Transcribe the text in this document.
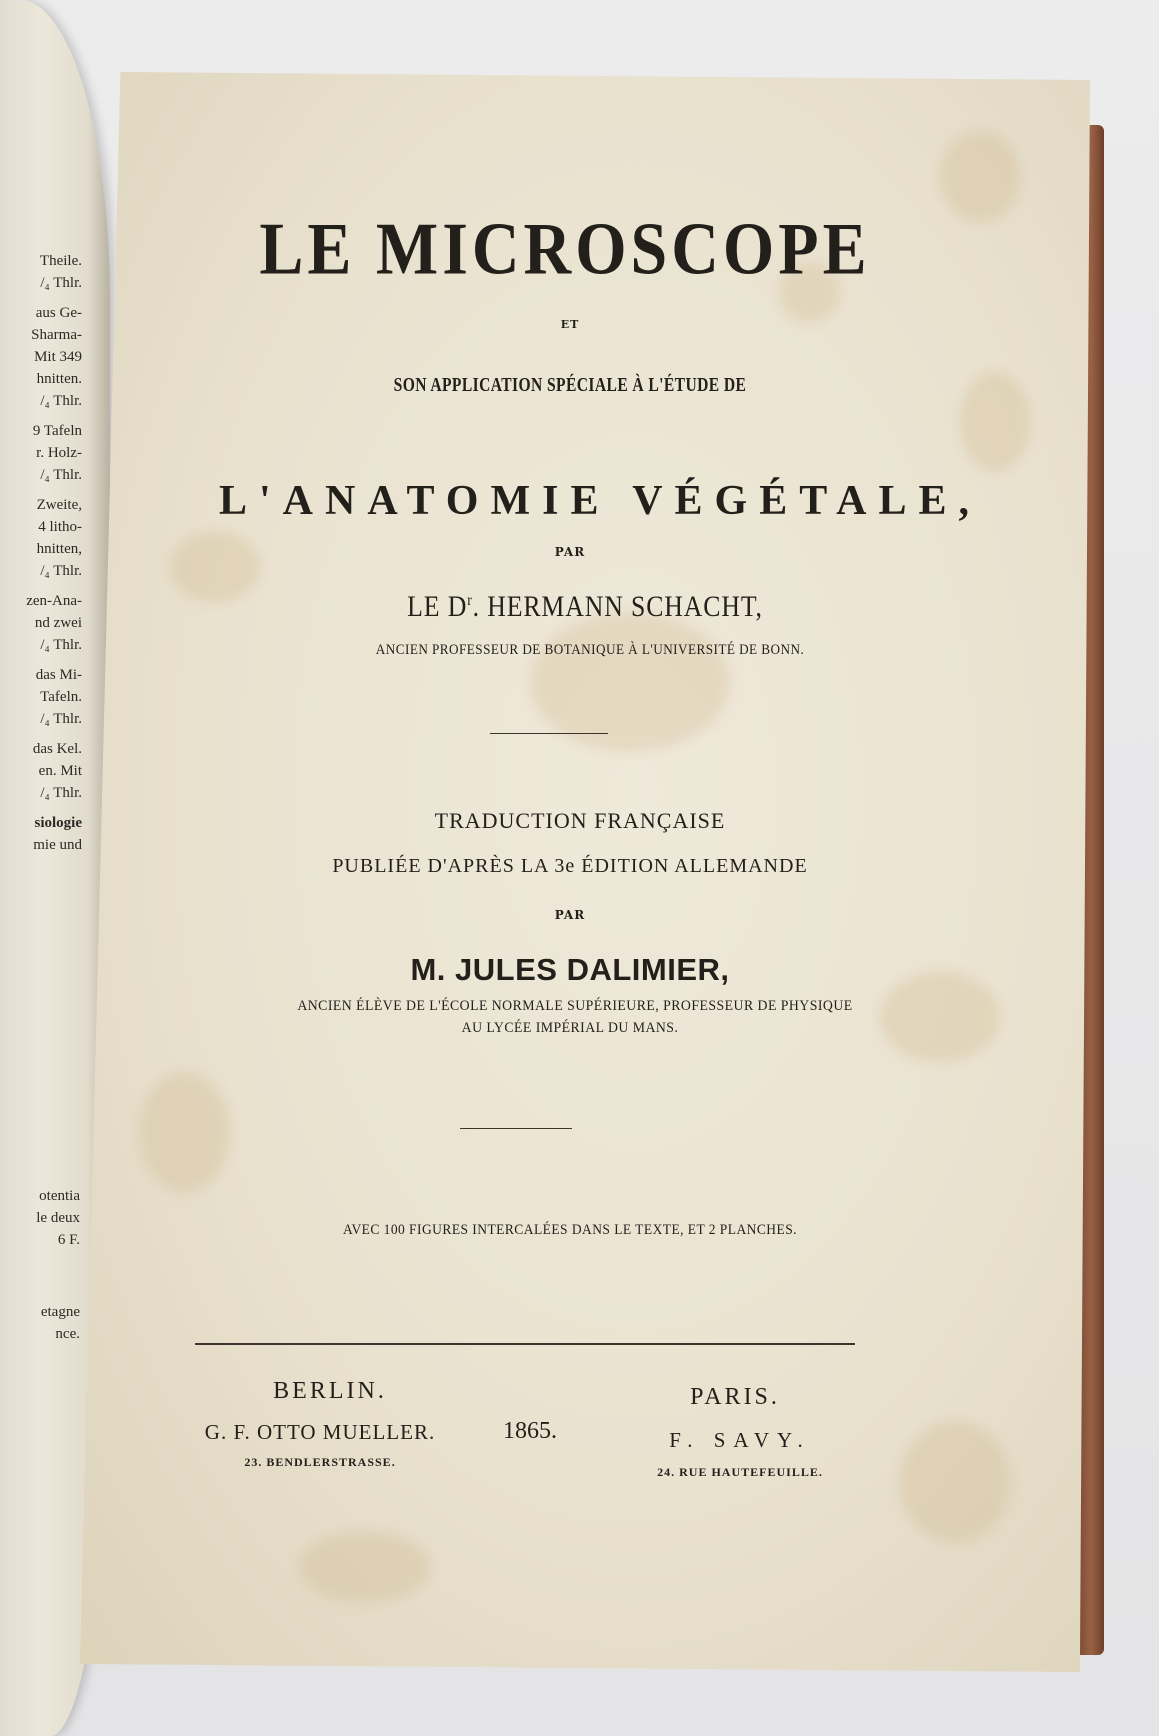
Theile.
/₄ Thlr.
aus Ge-
Sharma-
Mit 349
hnitten.
/₄ Thlr.
9 Tafeln
r. Holz-
/₄ Thlr.
Zweite,
4 litho-
hnitten,
/₄ Thlr.
zen-Ana-
nd zwei
/₄ Thlr.
das Mi-
Tafeln.
/₄ Thlr.
das Kel.
en. Mit
/₄ Thlr.
siologie
mie und
otentia
le deux
6 F.
etagne
nce.
LE MICROSCOPE
ET
SON APPLICATION SPÉCIALE À L'ÉTUDE DE
L'ANATOMIE VÉGÉTALE,
PAR
LE $D^r$. HERMANN SCHACHT,
ANCIEN PROFESSEUR DE BOTANIQUE À L'UNIVERSITÉ DE BONN.
TRADUCTION FRANÇAISE
PUBLIÉE D'APRÈS LA 3e ÉDITION ALLEMANDE
PAR
M. JULES DALIMIER,
ANCIEN ÉLÈVE DE L'ÉCOLE NORMALE SUPÉRIEURE, PROFESSEUR DE PHYSIQUE
AU LYCÉE IMPÉRIAL DU MANS.
AVEC 100 FIGURES INTERCALÉES DANS LE TEXTE, ET 2 PLANCHES.
BERLIN.
G. F. OTTO MUELLER.
23. BENDLERSTRASSE.
1865.
PARIS.
F. SAVY.
24. RUE HAUTEFEUILLE.
